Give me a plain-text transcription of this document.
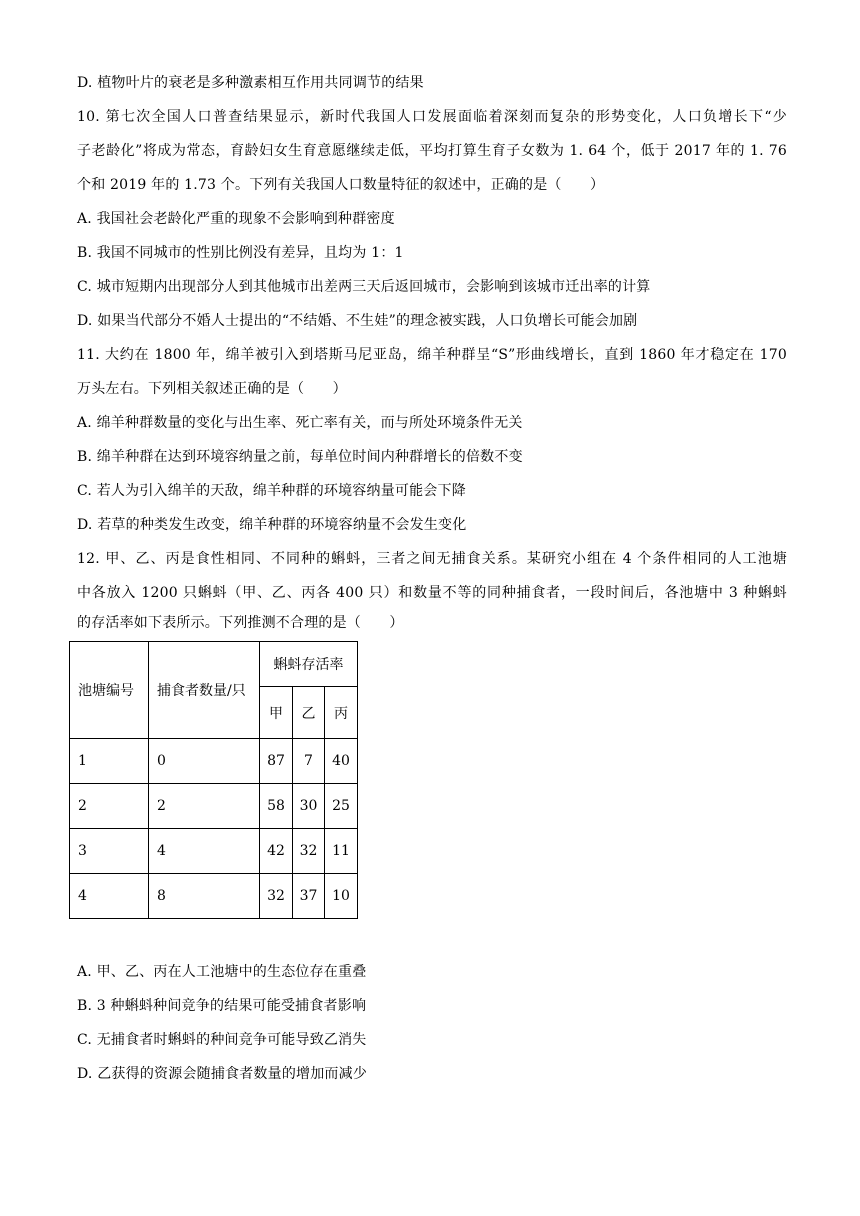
D. 植物叶片的衰老是多种激素相互作用共同调节的结果
10. 第七次全国人口普查结果显示，新时代我国人口发展面临着深刻而复杂的形势变化，人口负增长下“少
子老龄化”将成为常态，育龄妇女生育意愿继续走低，平均打算生育子女数为 1. 64 个，低于 2017 年的 1. 76
个和 2019 年的 1.73 个。下列有关我国人口数量特征的叙述中，正确的是（　　）
A. 我国社会老龄化严重的现象不会影响到种群密度
B. 我国不同城市的性别比例没有差异，且均为 1：1
C. 城市短期内出现部分人到其他城市出差两三天后返回城市，会影响到该城市迁出率的计算
D. 如果当代部分不婚人士提出的“不结婚、不生娃”的理念被实践，人口负增长可能会加剧
11. 大约在 1800 年，绵羊被引入到塔斯马尼亚岛，绵羊种群呈“S”形曲线增长，直到 1860 年才稳定在 170
万头左右。下列相关叙述正确的是（　　）
A. 绵羊种群数量的变化与出生率、死亡率有关，而与所处环境条件无关
B. 绵羊种群在达到环境容纳量之前，每单位时间内种群增长的倍数不变
C. 若人为引入绵羊的天敌，绵羊种群的环境容纳量可能会下降
D. 若草的种类发生改变，绵羊种群的环境容纳量不会发生变化
12. 甲、乙、丙是食性相同、不同种的蝌蚪，三者之间无捕食关系。某研究小组在 4 个条件相同的人工池塘
中各放入 1200 只蝌蚪（甲、乙、丙各 400 只）和数量不等的同种捕食者，一段时间后，各池塘中 3 种蝌蚪
的存活率如下表所示。下列推测不合理的是（　　）
池塘编号	捕食者数量/只	蝌蚪存活率		
		甲	乙	丙
1	0	87	7	40
2	2	58	30	25
3	4	42	32	11
4	8	32	37	10
A. 甲、乙、丙在人工池塘中的生态位存在重叠
B. 3 种蝌蚪种间竞争的结果可能受捕食者影响
C. 无捕食者时蝌蚪的种间竞争可能导致乙消失
D. 乙获得的资源会随捕食者数量的增加而减少
